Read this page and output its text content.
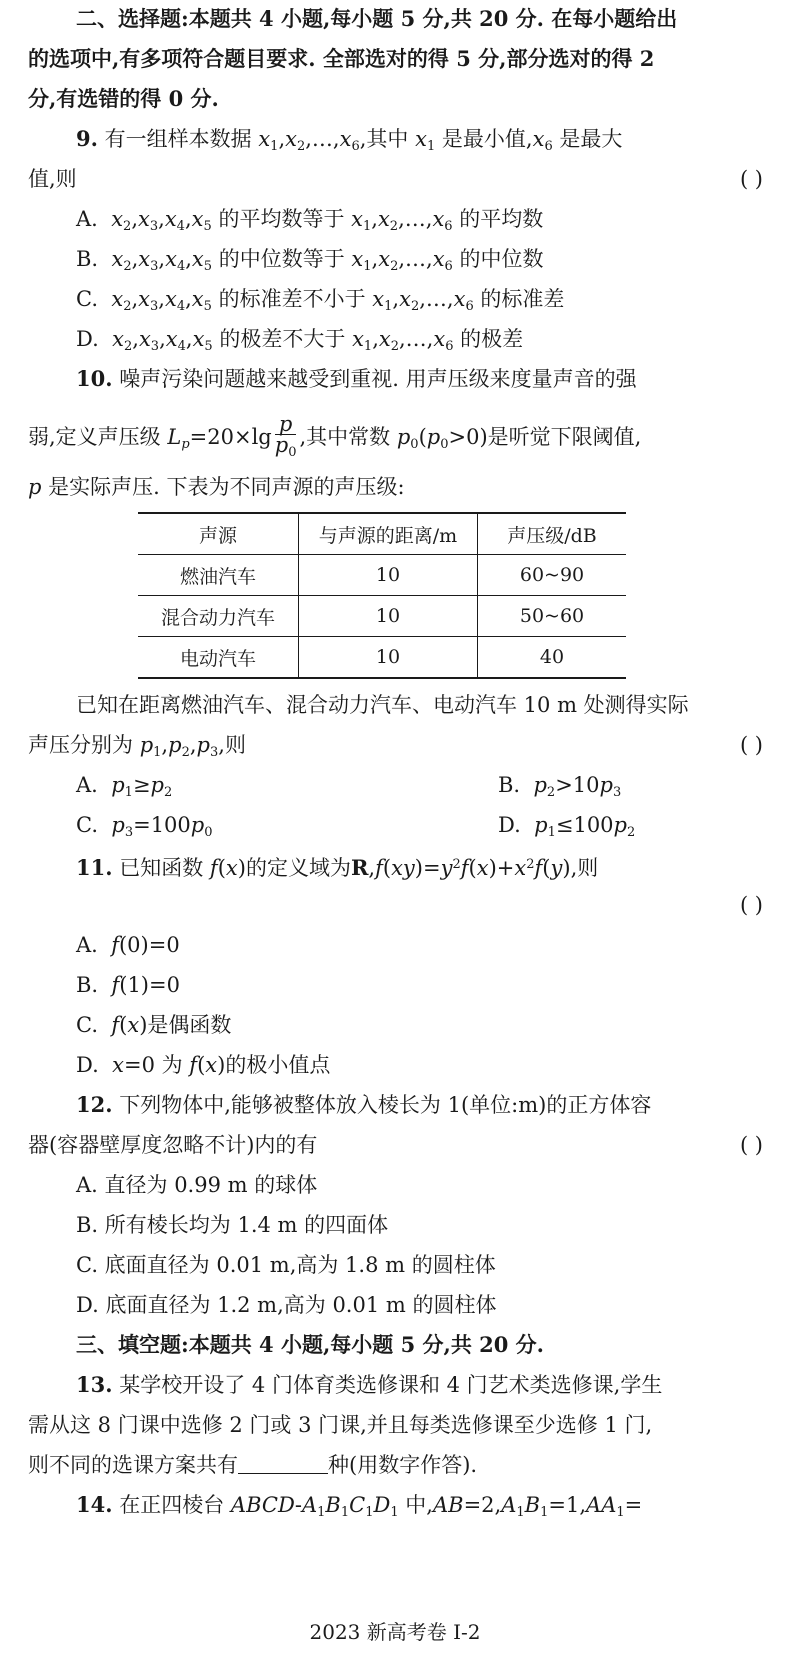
二、选择题:本题共 4 小题,每小题 5 分,共 20 分. 在每小题给出
的选项中,有多项符合题目要求. 全部选对的得 5 分,部分选对的得 2
分,有选错的得 0 分.
9. 有一组样本数据 $x_1,x_2,\dots,x_6$,其中 $x_1$ 是最小值$,x_6$ 是最大
值,则	( )
A.  $x_2,x_3,x_4,x_5$ 的平均数等于 $x_1,x_2,\dots,x_6$ 的平均数
B.  $x_2,x_3,x_4,x_5$ 的中位数等于 $x_1,x_2,\dots,x_6$ 的中位数
C.  $x_2,x_3,x_4,x_5$ 的标准差不小于 $x_1,x_2,\dots,x_6$ 的标准差
D.  $x_2,x_3,x_4,x_5$ 的极差不大于 $x_1,x_2,\dots,x_6$ 的极差
10. 噪声污染问题越来越受到重视. 用声压级来度量声音的强
弱,定义声压级 $L_p=20\times\lg \frac{p}{p_0}$ ,其中常数 $p_0(p_0>0)$是听觉下限阈值,
p 是实际声压. 下表为不同声源的声压级:
声源	与声源的距离/m	声压级/dB
燃油汽车	10	60~90
混合动力汽车	10	50~60
电动汽车	10	40
已知在距离燃油汽车、混合动力汽车、电动汽车 10 m 处测得实际
声压分别为 $p_1,p_2,p_3$,则	( )
A. $p_1\ge p_2$	B. $p_2>10p_3$
C. $p_3=100p_0$	D. $p_1\le 100p_2$
11. 已知函数 f(x)的定义域为$R,f(xy)=y^2f(x)+x^2f(y)$,则
( )
A. f(0)=0
B. f(1)=0
C. f(x)是偶函数
D. x=0 为 f(x)的极小值点
12. 下列物体中,能够被整体放入棱长为 1(单位:m)的正方体容
器(容器壁厚度忽略不计)内的有	( )
A. 直径为 0.99 m 的球体
B. 所有棱长均为 1.4 m 的四面体
C. 底面直径为 0.01 m,高为 1.8 m 的圆柱体
D. 底面直径为 1.2 m,高为 0.01 m 的圆柱体
三、填空题:本题共 4 小题,每小题 5 分,共 20 分.
13. 某学校开设了 4 门体育类选修课和 4 门艺术类选修课,学生
需从这 8 门课中选修 2 门或 3 门课,并且每类选修课至少选修 1 门,
则不同的选课方案共有	种(用数字作答).
14. 在正四棱台 ABCD-$A_1B_1C_1D_1$ 中$,AB=2,A_1B_1=1,AA_1=$
2023 新高考卷 Ⅰ-2
